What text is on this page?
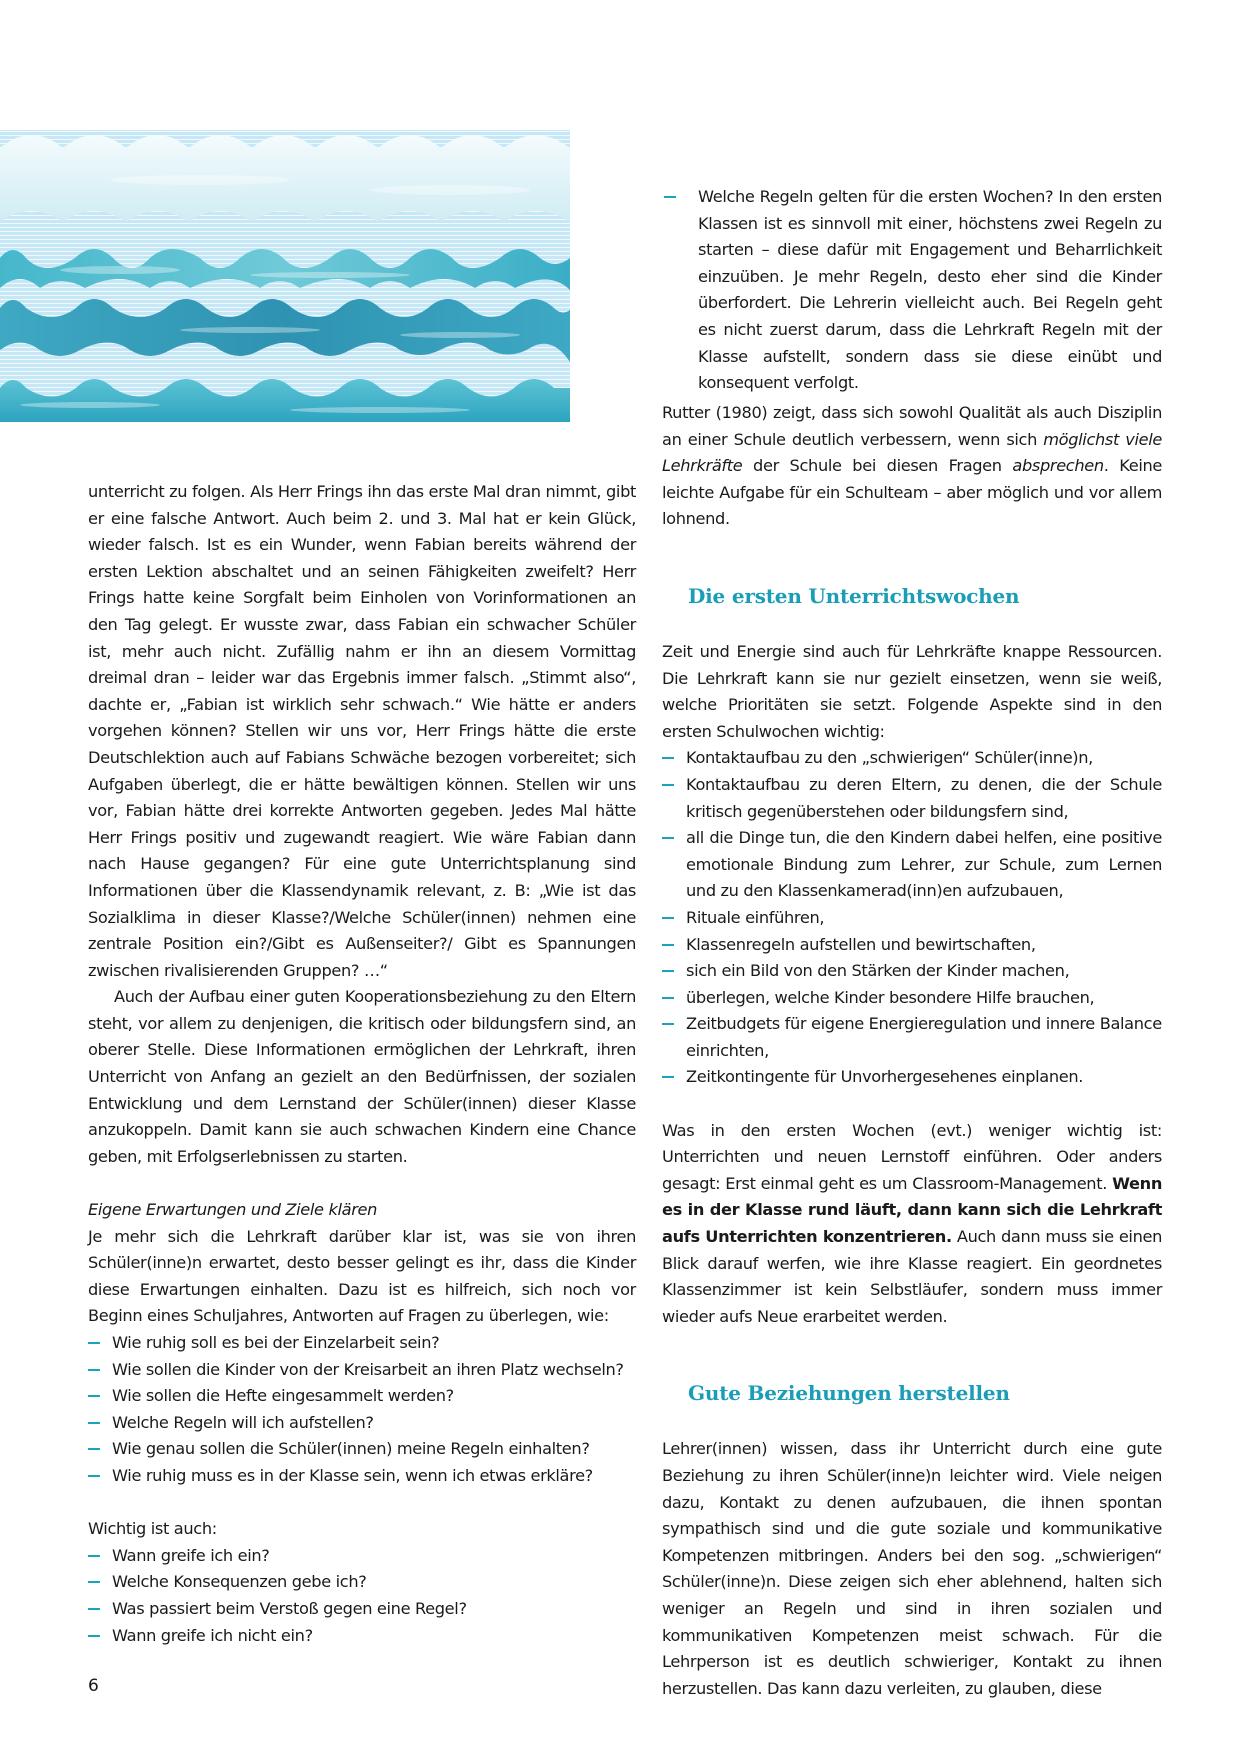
Welche Regeln gelten für die ersten Wochen? In den ersten Klassen ist es sinnvoll mit einer, höchstens zwei Regeln zu starten – diese dafür mit Engagement und Beharrlichkeit einzuüben. Je mehr Regeln, desto eher sind die Kinder überfordert. Die Lehrerin vielleicht auch. Bei Regeln geht es nicht zuerst darum, dass die Lehrkraft Regeln mit der Klasse aufstellt, sondern dass sie diese einübt und konsequent verfolgt.

unterricht zu folgen. Als Herr Frings ihn das erste Mal dran nimmt, gibt er eine falsche Antwort. Auch beim 2. und 3. Mal hat er kein Glück, wieder falsch. Ist es ein Wunder, wenn Fabian bereits während der ersten Lektion abschaltet und an seinen Fähigkeiten zweifelt? Herr Frings hatte keine Sorgfalt beim Einholen von Vorinformationen an den Tag gelegt. Er wusste zwar, dass Fabian ein schwacher Schüler ist, mehr auch nicht. Zufällig nahm er ihn an diesem Vormittag dreimal dran – leider war das Ergebnis immer falsch. „Stimmt also“, dachte er, „Fabian ist wirklich sehr schwach.“ Wie hätte er anders vorgehen können? Stellen wir uns vor, Herr Frings hätte die erste Deutschlektion auch auf Fabians Schwäche bezogen vorbereitet; sich Aufgaben überlegt, die er hätte bewältigen können. Stellen wir uns vor, Fabian hätte drei korrekte Antworten gegeben. Jedes Mal hätte Herr Frings positiv und zugewandt reagiert. Wie wäre Fabian dann nach Hause gegangen? Für eine gute Unterrichtsplanung sind Informationen über die Klassendynamik relevant, z. B: „Wie ist das Sozialklima in dieser Klasse?/Welche Schüler(innen) nehmen eine zentrale Position ein?/Gibt es Außenseiter?/ Gibt es Spannungen zwischen rivalisierenden Gruppen? …“

Auch der Aufbau einer guten Kooperationsbeziehung zu den Eltern steht, vor allem zu denjenigen, die kritisch oder bildungsfern sind, an oberer Stelle. Diese Informationen ermöglichen der Lehrkraft, ihren Unterricht von Anfang an gezielt an den Bedürfnissen, der sozialen Entwicklung und dem Lernstand der Schüler(innen) dieser Klasse anzukoppeln. Damit kann sie auch schwachen Kindern eine Chance geben, mit Erfolgserlebnissen zu starten.

Eigene Erwartungen und Ziele klären

Je mehr sich die Lehrkraft darüber klar ist, was sie von ihren Schüler(inne)n erwartet, desto besser gelingt es ihr, dass die Kinder diese Erwartungen einhalten. Dazu ist es hilfreich, sich noch vor Beginn eines Schuljahres, Antworten auf Fragen zu überlegen, wie:

Wie ruhig soll es bei der Einzelarbeit sein?
Wie sollen die Kinder von der Kreisarbeit an ihren Platz wechseln?
Wie sollen die Hefte eingesammelt werden?
Welche Regeln will ich aufstellen?
Wie genau sollen die Schüler(innen) meine Regeln einhalten?
Wie ruhig muss es in der Klasse sein, wenn ich etwas erkläre?
Wichtig ist auch:
Wann greife ich ein?
Welche Konsequenzen gebe ich?
Was passiert beim Verstoß gegen eine Regel?
Wann greife ich nicht ein?

Rutter (1980) zeigt, dass sich sowohl Qualität als auch Disziplin an einer Schule deutlich verbessern, wenn sich möglichst viele Lehrkräfte der Schule bei diesen Fragen absprechen. Keine leichte Aufgabe für ein Schulteam – aber möglich und vor allem lohnend.

Die ersten Unterrichtswochen

Zeit und Energie sind auch für Lehrkräfte knappe Ressourcen. Die Lehrkraft kann sie nur gezielt einsetzen, wenn sie weiß, welche Prioritäten sie setzt. Folgende Aspekte sind in den ersten Schulwochen wichtig:

Kontaktaufbau zu den „schwierigen“ Schüler(inne)n,
Kontaktaufbau zu deren Eltern, zu denen, die der Schule kritisch gegenüberstehen oder bildungsfern sind,
all die Dinge tun, die den Kindern dabei helfen, eine positive emotionale Bindung zum Lehrer, zur Schule, zum Lernen und zu den Klassenkamerad(inn)en aufzubauen,
Rituale einführen,
Klassenregeln aufstellen und bewirtschaften,
sich ein Bild von den Stärken der Kinder machen,
überlegen, welche Kinder besondere Hilfe brauchen,
Zeitbudgets für eigene Energieregulation und innere Balance einrichten,
Zeitkontingente für Unvorhergesehenes einplanen.

Was in den ersten Wochen (evt.) weniger wichtig ist: Unterrichten und neuen Lernstoff einführen. Oder anders gesagt: Erst einmal geht es um Classroom-Management. Wenn es in der Klasse rund läuft, dann kann sich die Lehrkraft aufs Unterrichten konzentrieren. Auch dann muss sie einen Blick darauf werfen, wie ihre Klasse reagiert. Ein geordnetes Klassenzimmer ist kein Selbstläufer, sondern muss immer wieder aufs Neue erarbeitet werden.

Gute Beziehungen herstellen

Lehrer(innen) wissen, dass ihr Unterricht durch eine gute Beziehung zu ihren Schüler(inne)n leichter wird. Viele neigen dazu, Kontakt zu denen aufzubauen, die ihnen spontan sympathisch sind und die gute soziale und kommunikative Kompetenzen mitbringen. Anders bei den sog. „schwierigen“ Schüler(inne)n. Diese zeigen sich eher ablehnend, halten sich weniger an Regeln und sind in ihren sozialen und kommunikativen Kompetenzen meist schwach. Für die Lehrperson ist es deutlich schwieriger, Kontakt zu ihnen herzustellen. Das kann dazu verleiten, zu glauben, diese

6
